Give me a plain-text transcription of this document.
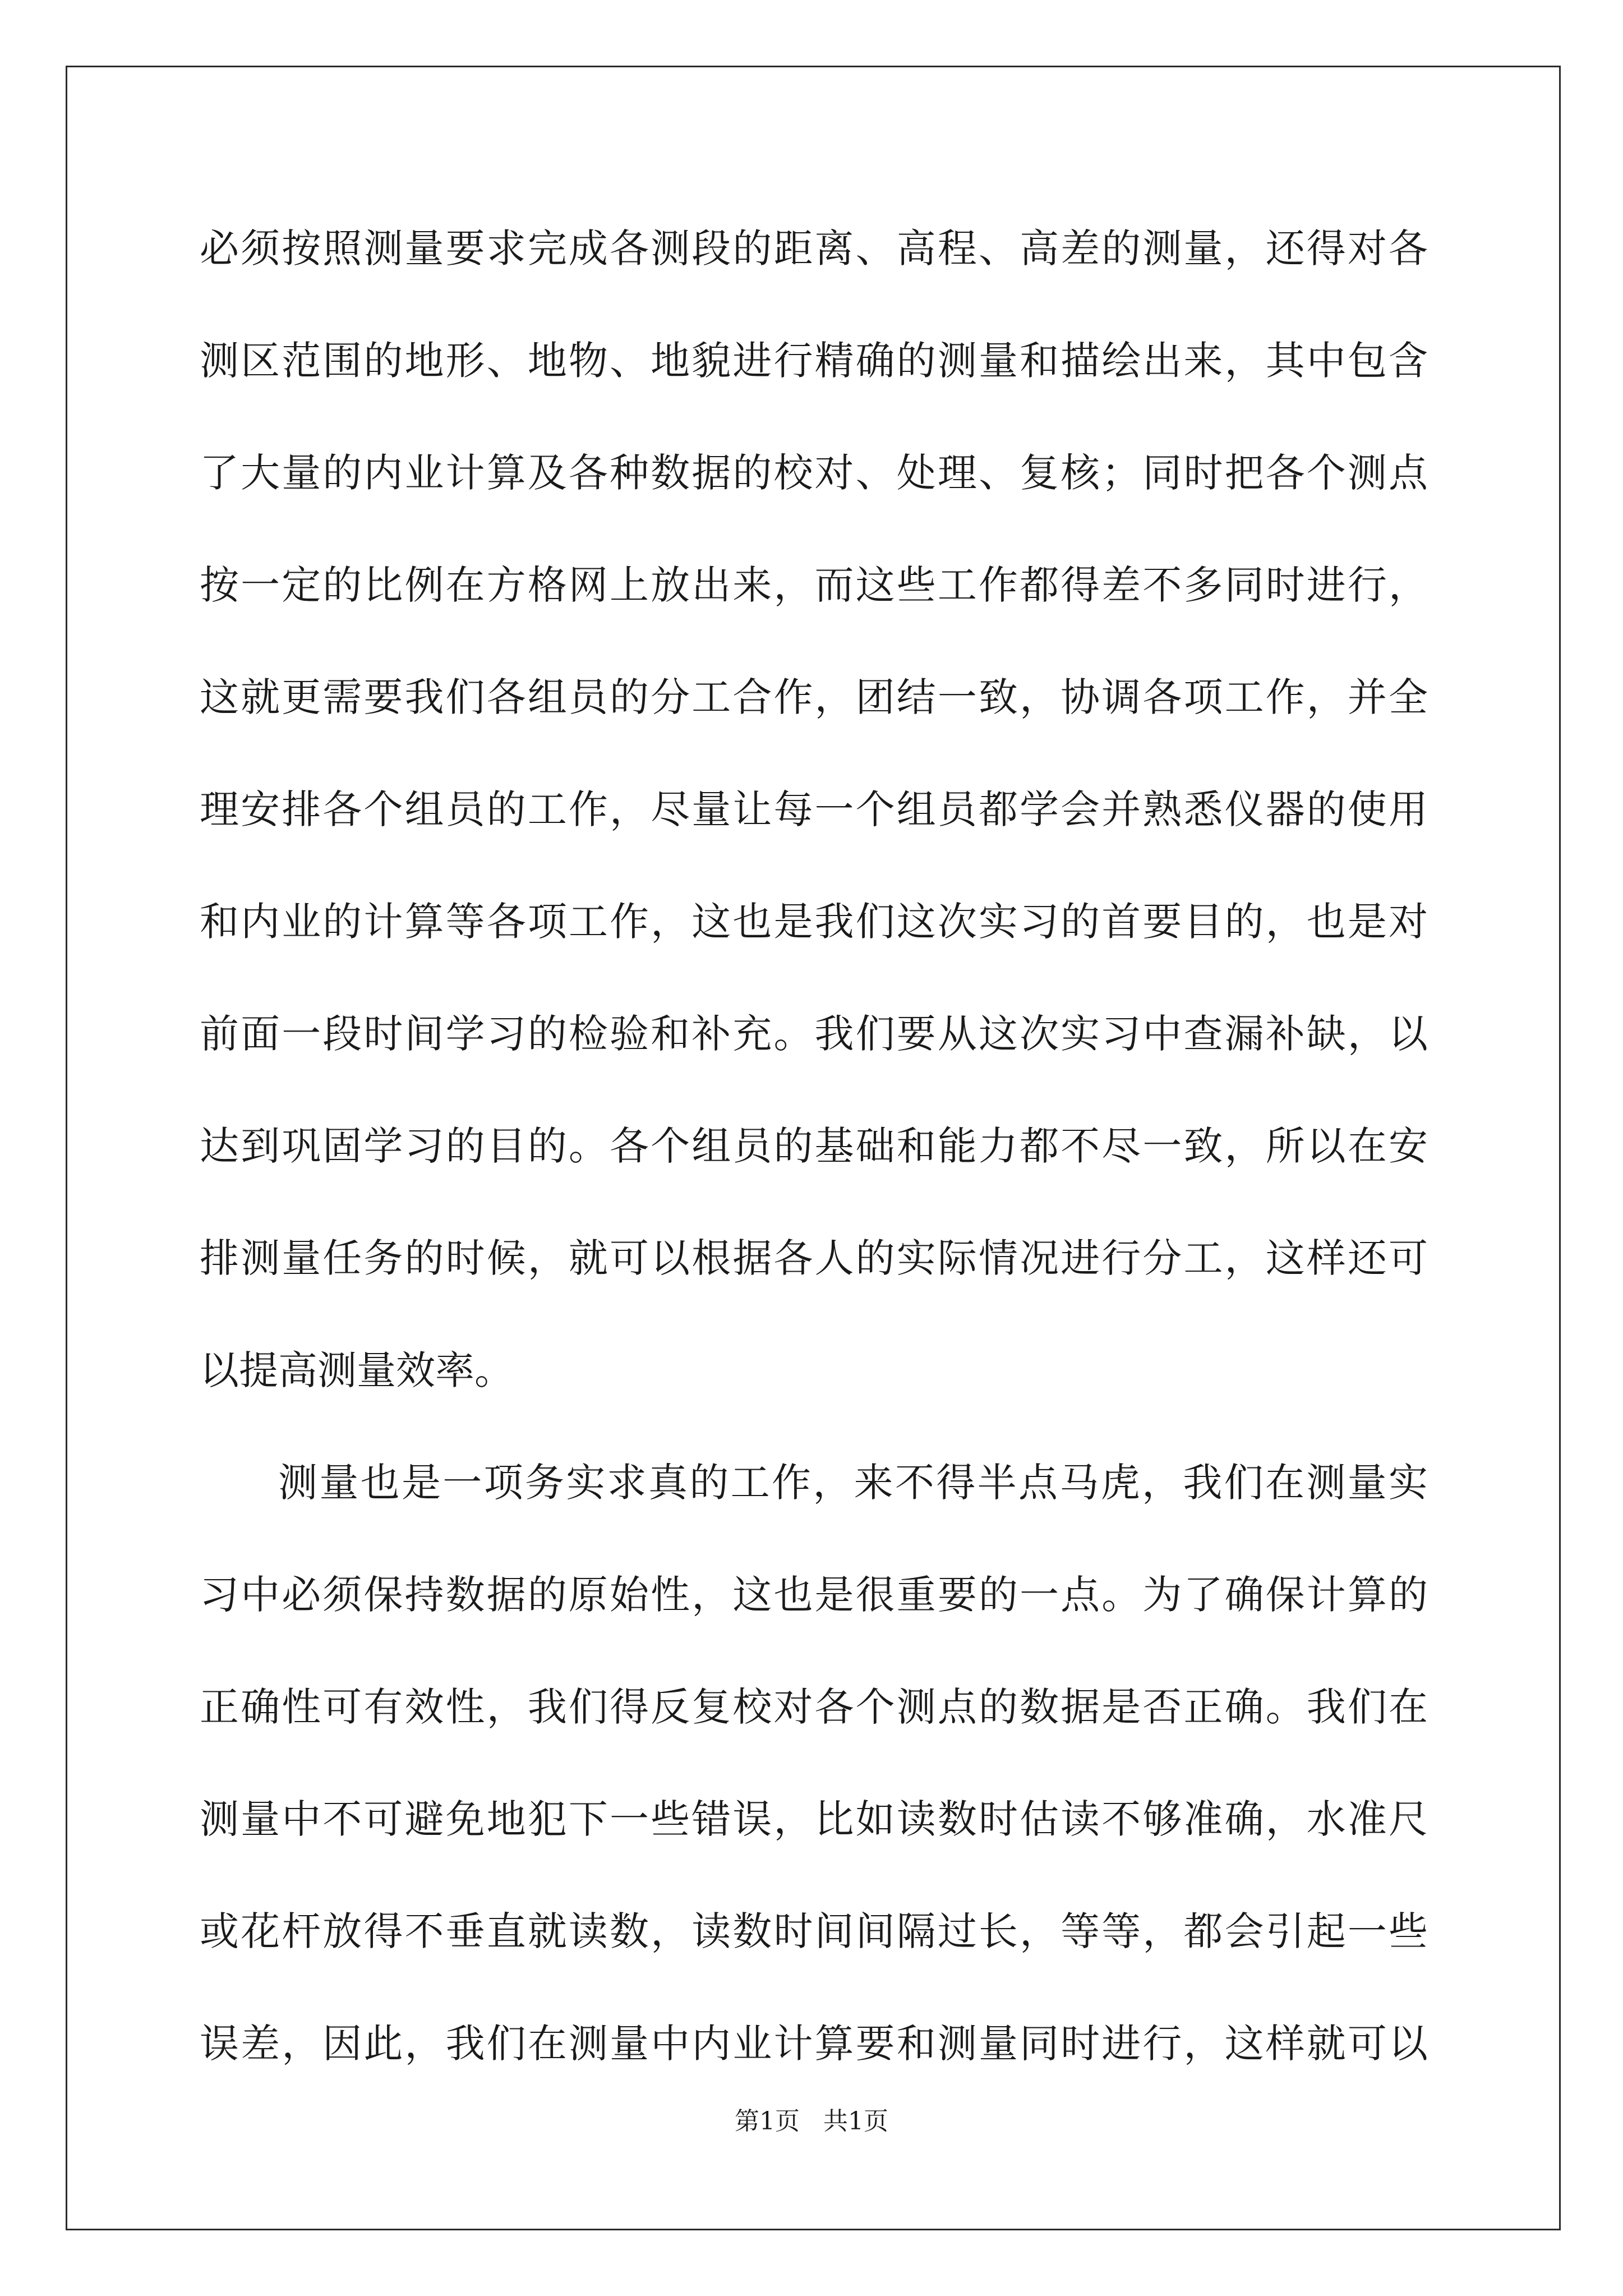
必须按照测量要求完成各测段的距离、高程、高差的测量，还得对各
测区范围的地形、地物、地貌进行精确的测量和描绘出来，其中包含
了大量的内业计算及各种数据的校对、处理、复核；同时把各个测点
按一定的比例在方格网上放出来，而这些工作都得差不多同时进行，
这就更需要我们各组员的分工合作，团结一致，协调各项工作，并全
理安排各个组员的工作，尽量让每一个组员都学会并熟悉仪器的使用
和内业的计算等各项工作，这也是我们这次实习的首要目的，也是对
前面一段时间学习的检验和补充。我们要从这次实习中查漏补缺，以
达到巩固学习的目的。各个组员的基础和能力都不尽一致，所以在安
排测量任务的时候，就可以根据各人的实际情况进行分工，这样还可
以提高测量效率。
测量也是一项务实求真的工作，来不得半点马虎，我们在测量实
习中必须保持数据的原始性，这也是很重要的一点。为了确保计算的
正确性可有效性，我们得反复校对各个测点的数据是否正确。我们在
测量中不可避免地犯下一些错误，比如读数时估读不够准确，水准尺
或花杆放得不垂直就读数，读数时间间隔过长，等等，都会引起一些
误差，因此，我们在测量中内业计算要和测量同时进行，这样就可以
第1页   共1页
